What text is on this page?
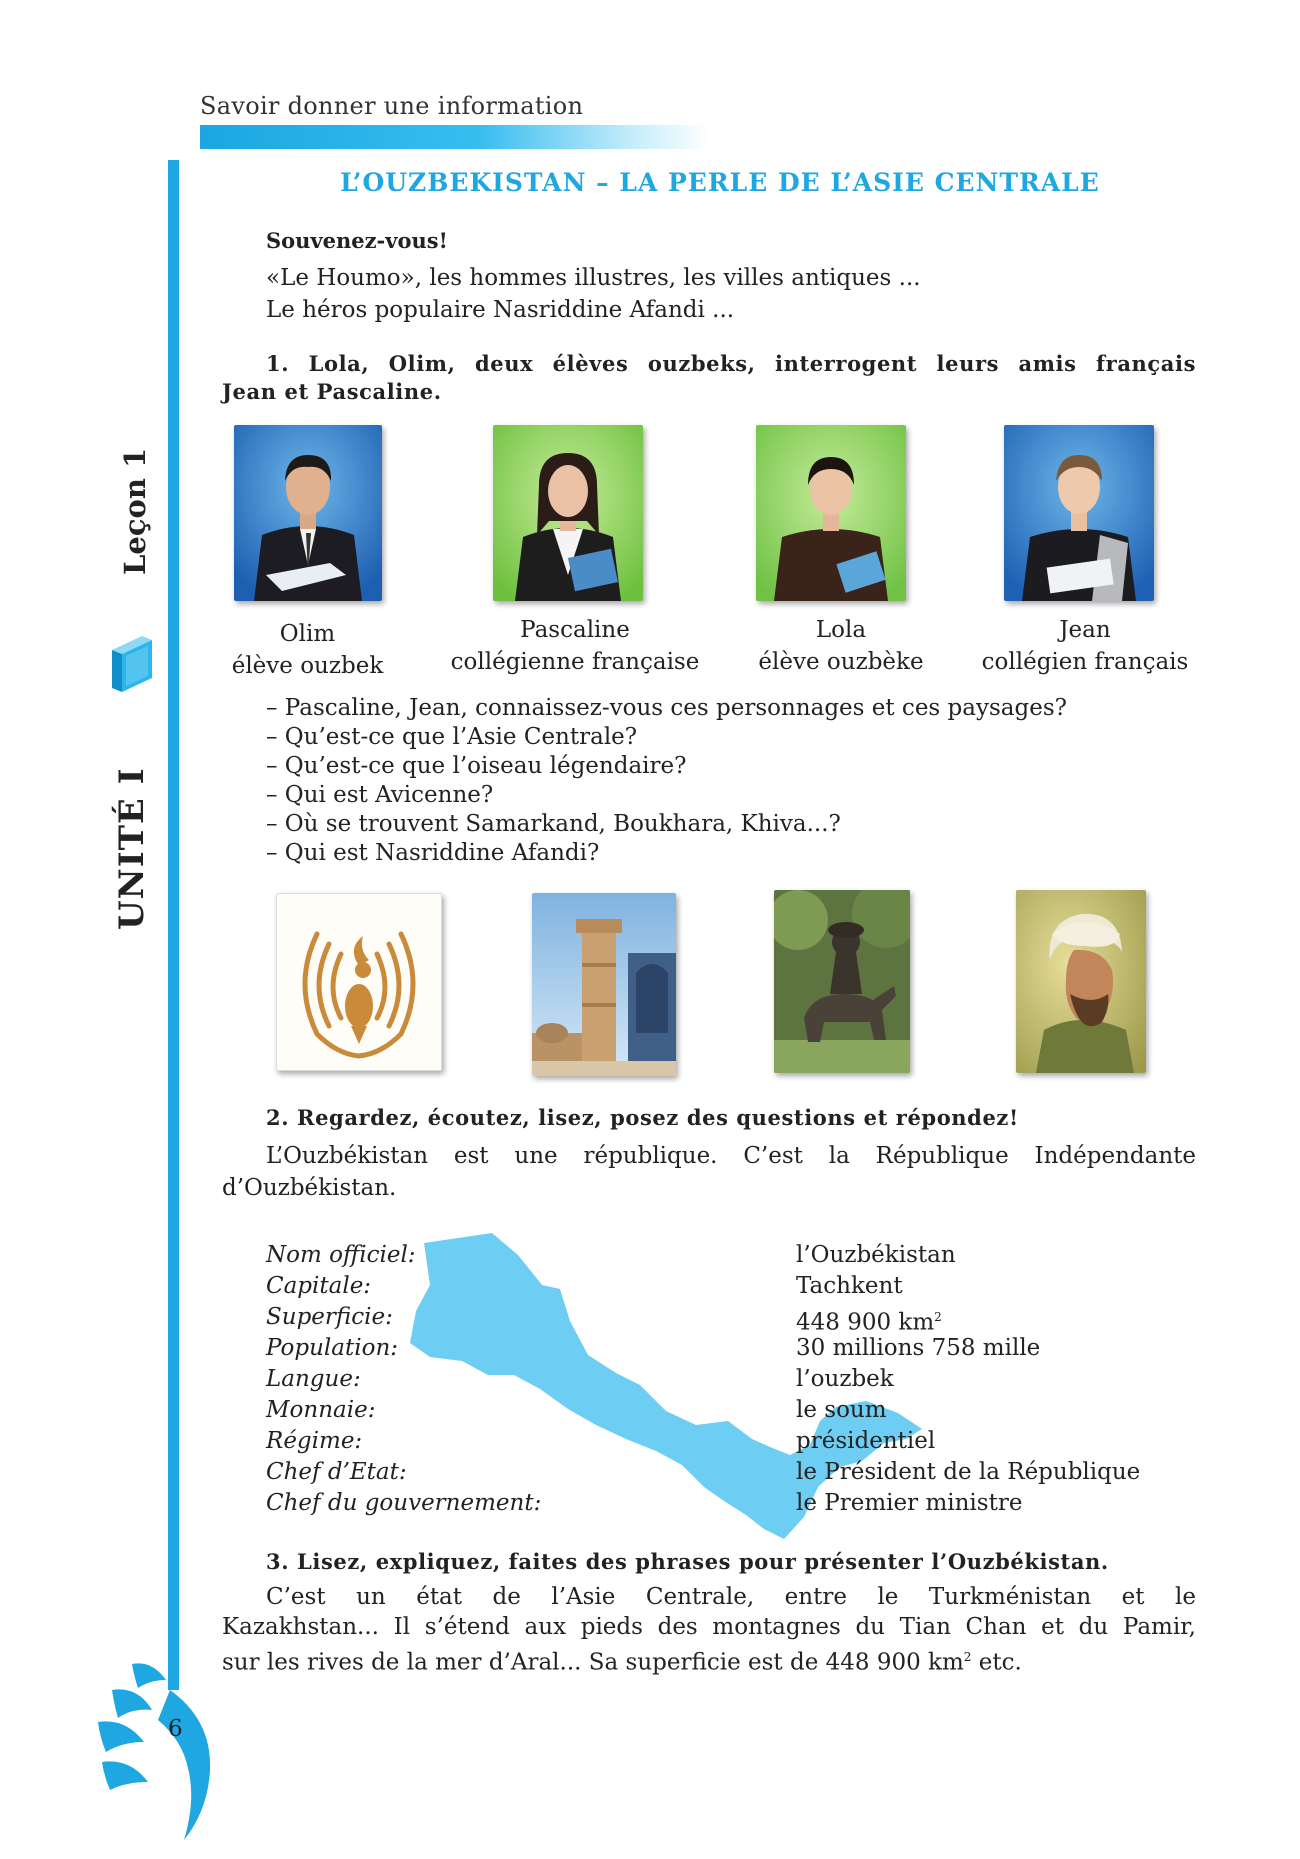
Savoir donner une information
Leçon 1
UNITÉ I
L’OUZBEKISTAN – LA PERLE DE L’ASIE CENTRALE
Souvenez-vous!
«Le Houmo», les hommes illustres, les villes antiques ...
Le héros populaire Nasriddine Afandi ...
1. Lola, Olim, deux élèves ouzbeks, interrogent leurs amis français
Jean et Pascaline.
Olim
élève ouzbek
Pascaline
collégienne française
Lola
élève ouzbèke
Jean
collégien français
– Pascaline, Jean, connaissez-vous ces personnages et ces paysages?
– Qu’est-ce que l’Asie Centrale?
– Qu’est-ce que l’oiseau légendaire?
– Qui est Avicenne?
– Où se trouvent Samarkand, Boukhara, Khiva...?
– Qui est Nasriddine Afandi?
2. Regardez, écoutez, lisez, posez des questions et répondez!
L’Ouzbékistan est une république. C’est la République Indépendante
d’Ouzbékistan.
Nom officiel:	l’Ouzbékistan
Capitale:	Tachkent
Superficie:	448 900 $km^2$
Population:	30 millions 758 mille
Langue:	l’ouzbek
Monnaie:	le soum
Régime:	présidentiel
Chef d’Etat:	le Président de la République
Chef du gouvernement:	le Premier ministre
3. Lisez, expliquez, faites des phrases pour présenter l’Ouzbékistan.
C’est un état de l’Asie Centrale, entre le Turkménistan et le
Kazakhstan... Il s’étend aux pieds des montagnes du Tian Chan et du Pamir,
sur les rives de la mer d’Aral... Sa superficie est de 448 900 $km^2$ etc.
6
